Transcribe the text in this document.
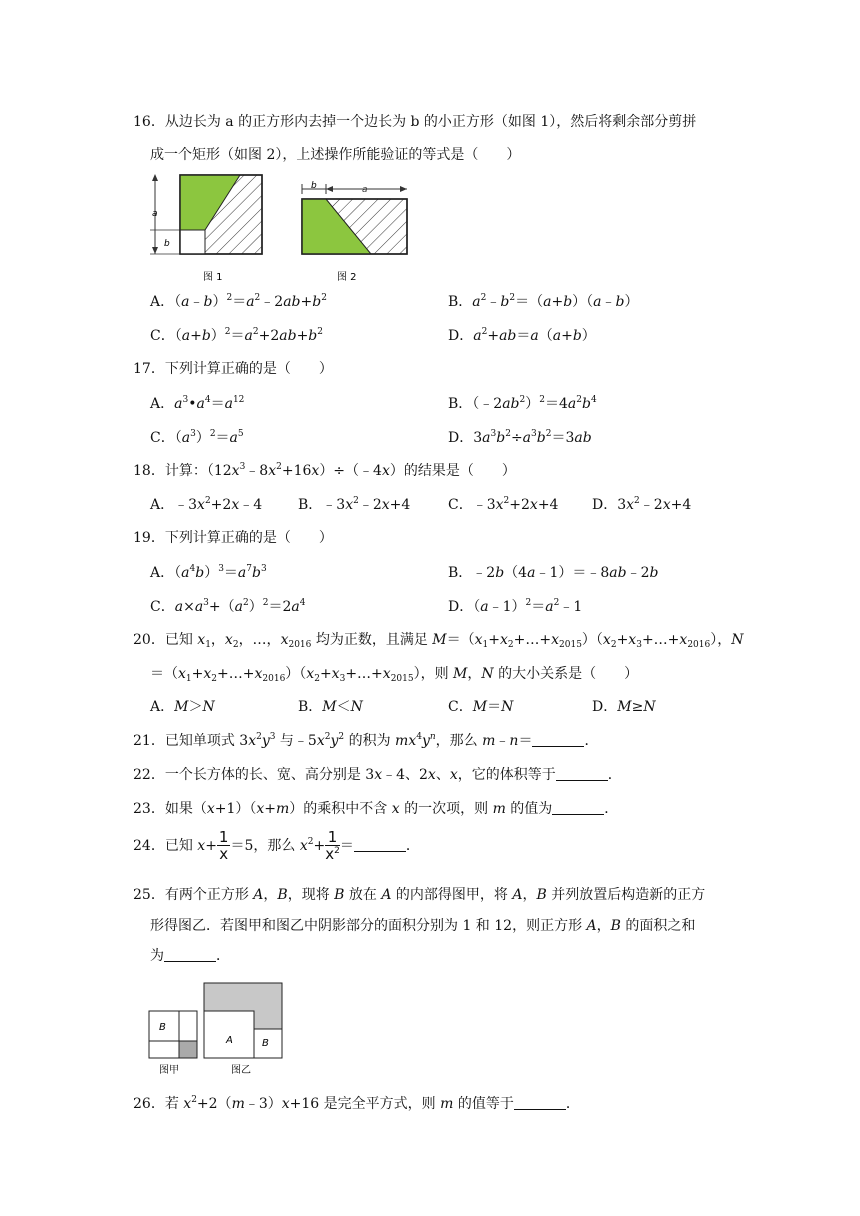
16．从边长为 a 的正方形内去掉一个边长为 b 的小正方形（如图 1），然后将剩余部分剪拼
成一个矩形（如图 2），上述操作所能验证的等式是（　　）
a
b
图 1
b	a
图 2
A．$(a﹣b)^2=a^2﹣2ab+b^2$	B．$a^2﹣b^2=(a+b)(a﹣b)$
C．$(a+b)^2=a^2+2ab+b^2$	D．$a^2+ab=a(a+b)$
17．下列计算正确的是（　　）
A．$a^3•a^4=a^{12}$	B．$(﹣2ab^2)^2=4a^2b^4$
C．$(a^3)^2=a^5$	D．$3a^3b^2\div a^3b^2=3ab$
18．计算：$(12x^3﹣8x^2+16x)\div(﹣4x)$的结果是（　　）
A．$﹣3x^2+2x﹣4$	B．$﹣3x^2﹣2x+4$	C．$﹣3x^2+2x+4$ D．$3x^2﹣2x+4$
19．下列计算正确的是（　　）
A．$(a^4b)^3=a^7b^3$	B．﹣2b（4a﹣1）＝﹣8ab﹣2b
C．$a\times a^3+(a^2)^2=2a^4$	D．$(a﹣1)^2=a^2﹣1$
20．已知 $x_1$，$x_2$，…，$x_{2016}$ 均为正数，且满足 $M=(x_1+x_2+\dots+x_{2015})(x_2+x_3+\dots+x_{2016})$，N
$=(x_1+x_2+\dots+x_{2016})(x_2+x_3+\dots+x_{2015})$，则 M，N 的大小关系是（　　）
A．M＞N	B．M＜N	C．M＝N	D．M≥N
21．已知单项式 $3x^2y^3$ 与$﹣5x^2y^2$ 的积为 $mx^4y^n$，那么 m﹣n＝	．
22．一个长方体的长、宽、高分别是 3x﹣4、2x、x，它的体积等于	．
23．如果（x+1）（x+m）的乘积中不含 x 的一次项，则 m 的值为	．
24．已知 $x+ \frac{1}{x} =5$，那么 $x^2+ \frac{1}{x^2}$ ＝	．
25．有两个正方形 A，B，现将 B 放在 A 的内部得图甲，将 A，B 并列放置后构造新的正方
形得图乙．若图甲和图乙中阴影部分的面积分别为 1 和 12，则正方形 A，B 的面积之和
为	．
B
图甲
A	B
图乙
26．若 $x^2+2(m﹣3)x+16$ 是完全平方式，则 m 的值等于	．
